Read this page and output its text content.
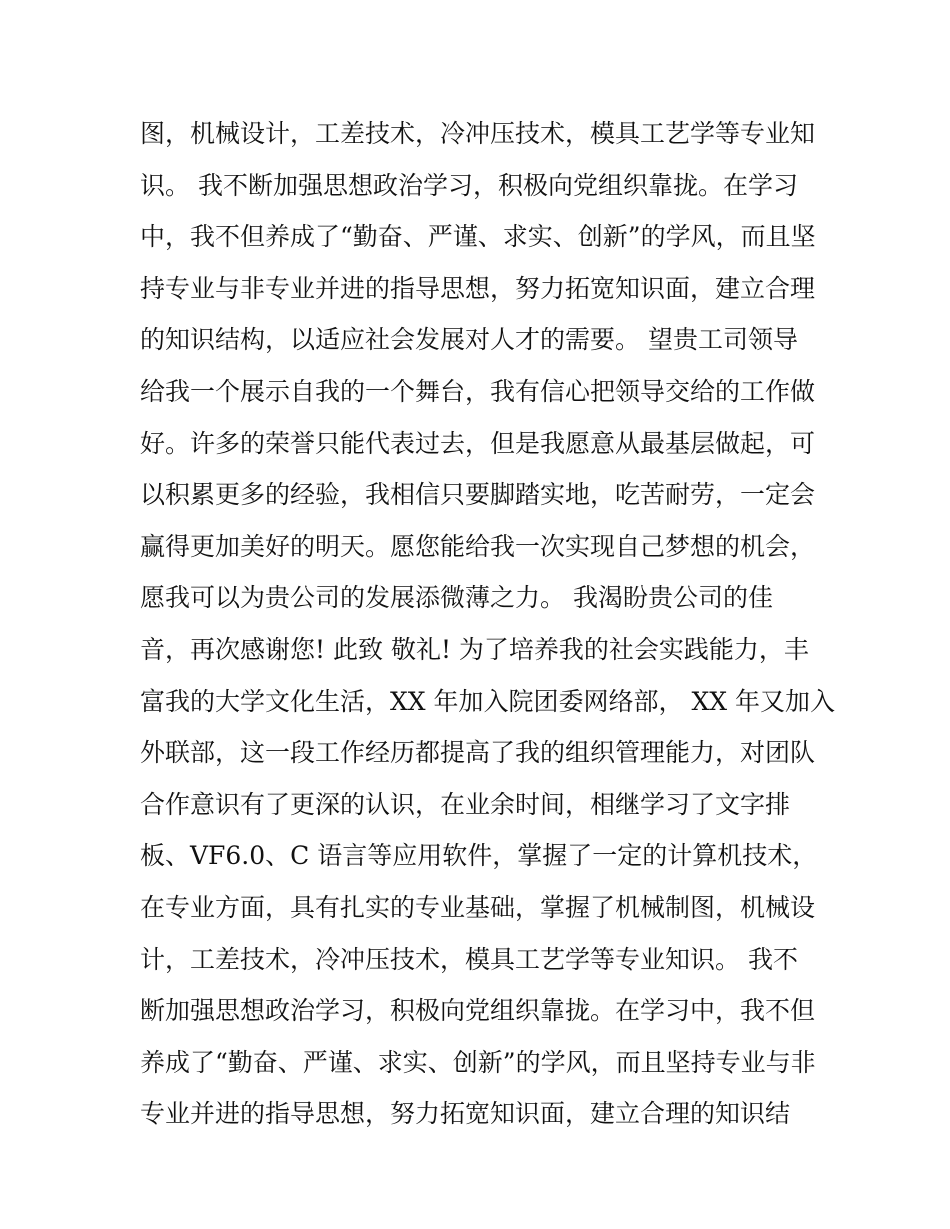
图，机械设计，工差技术，冷冲压技术，模具工艺学等专业知
识。 我不断加强思想政治学习，积极向党组织靠拢。在学习
中，我不但养成了“勤奋、严谨、求实、创新”的学风，而且坚
持专业与非专业并进的指导思想，努力拓宽知识面，建立合理
的知识结构，以适应社会发展对人才的需要。 望贵工司领导
给我一个展示自我的一个舞台，我有信心把领导交给的工作做
好。许多的荣誉只能代表过去，但是我愿意从最基层做起，可
以积累更多的经验，我相信只要脚踏实地，吃苦耐劳，一定会
赢得更加美好的明天。愿您能给我一次实现自己梦想的机会，
愿我可以为贵公司的发展添微薄之力。 我渴盼贵公司的佳
音，再次感谢您! 此致 敬礼! 为了培养我的社会实践能力，丰
富我的大学文化生活，XX 年加入院团委网络部， XX 年又加入
外联部，这一段工作经历都提高了我的组织管理能力，对团队
合作意识有了更深的认识，在业余时间，相继学习了文字排
板、VF6.0、C 语言等应用软件，掌握了一定的计算机技术，
在专业方面，具有扎实的专业基础，掌握了机械制图，机械设
计，工差技术，冷冲压技术，模具工艺学等专业知识。 我不
断加强思想政治学习，积极向党组织靠拢。在学习中，我不但
养成了“勤奋、严谨、求实、创新”的学风，而且坚持专业与非
专业并进的指导思想，努力拓宽知识面，建立合理的知识结
